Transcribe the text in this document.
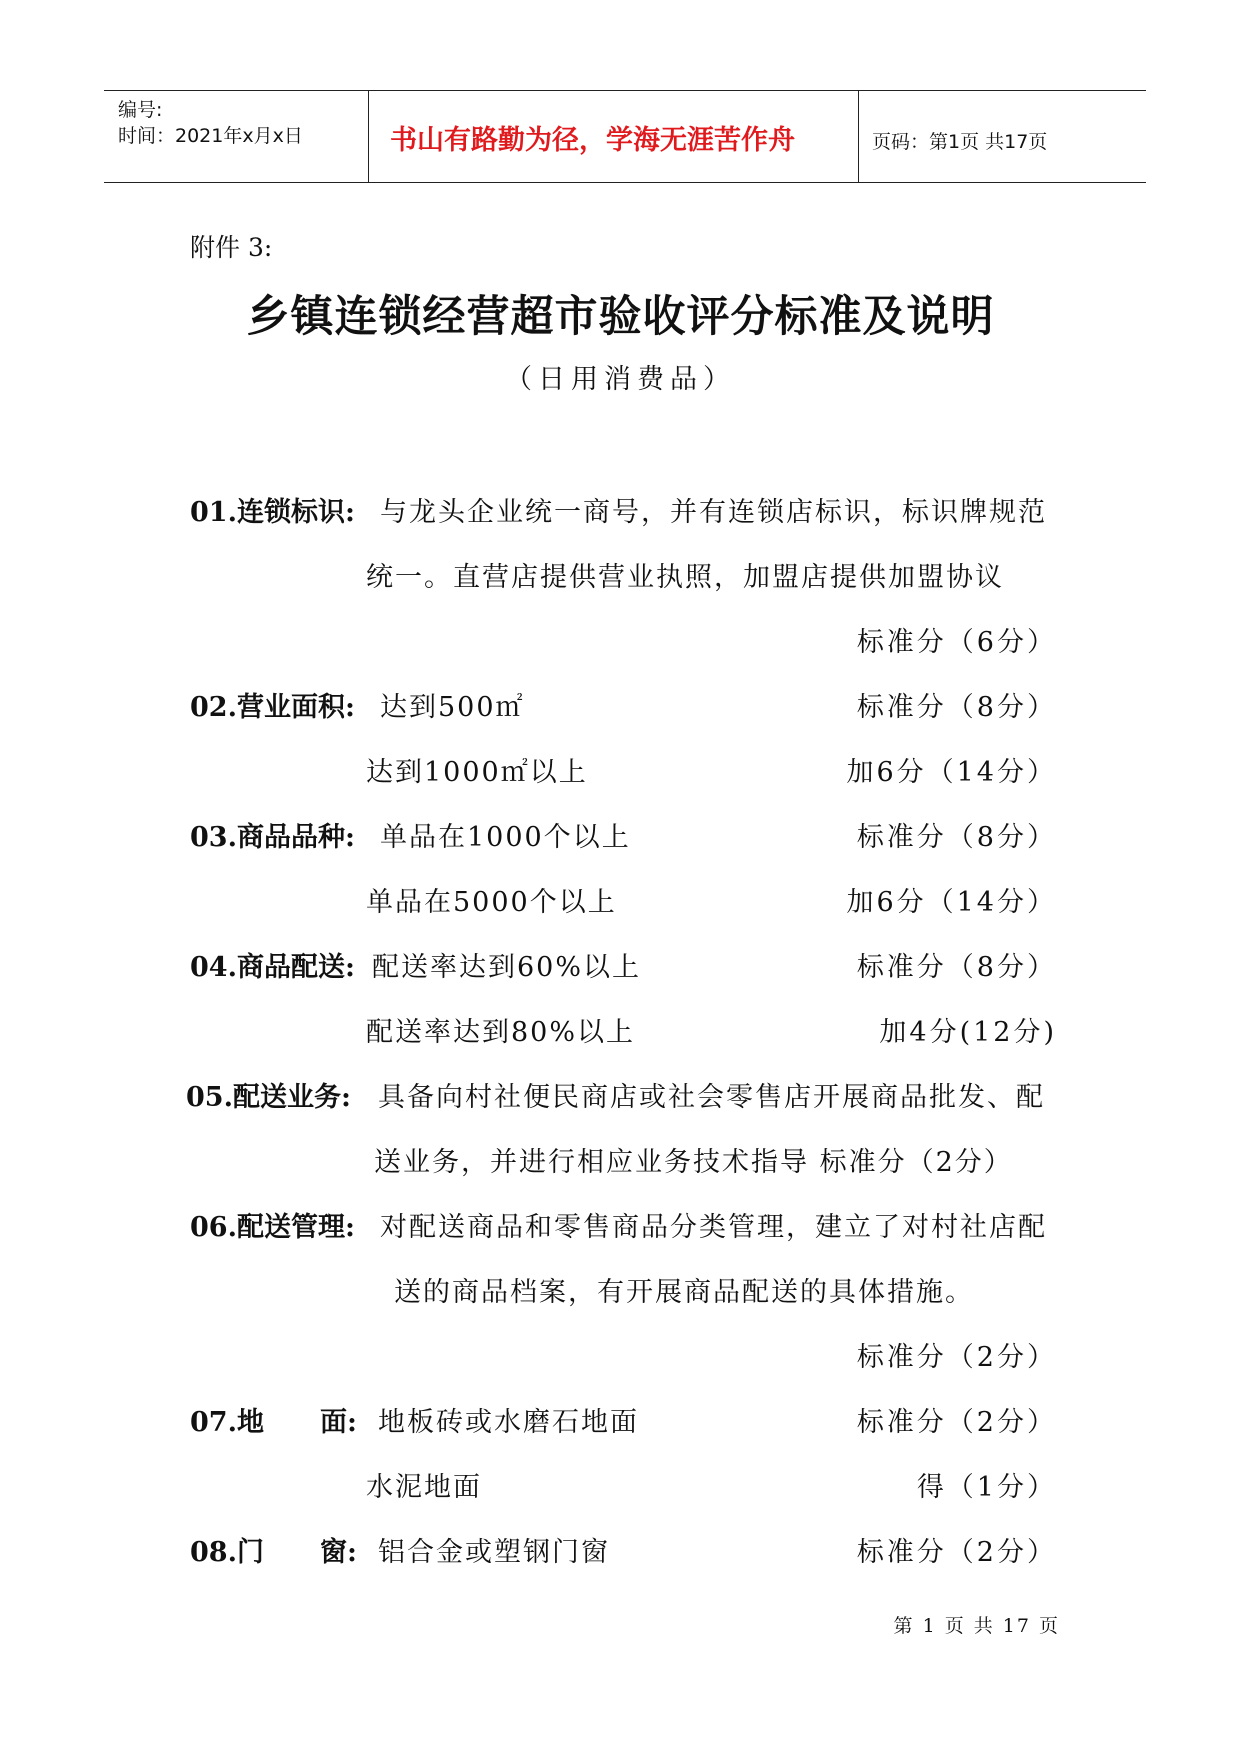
编号:
时间：2021年x月x日	书山有路勤为径，学海无涯苦作舟	页码：第1页 共17页
附件 3:
乡镇连锁经营超市验收评分标准及说明
（日用消费品）
01.连锁标识: 与龙头企业统一商号，并有连锁店标识，标识牌规范
统一。直营店提供营业执照，加盟店提供加盟协议
标准分（6分）
02.营业面积: 达到500㎡	标准分（8分）
达到1000㎡以上	加6分（14分）
03.商品品种: 单品在1000个以上	标准分（8分）
单品在5000个以上	加6分（14分）
04.商品配送: 配送率达到60%以上	标准分（8分）
配送率达到80%以上	加4分(12分)
05.配送业务: 具备向村社便民商店或社会零售店开展商品批发、配
送业务，并进行相应业务技术指导 标准分（2分）
06.配送管理: 对配送商品和零售商品分类管理，建立了对村社店配
送的商品档案，有开展商品配送的具体措施。
标准分（2分）
07.地 面: 地板砖或水磨石地面	标准分（2分）
水泥地面	得（1分）
08.门 窗: 铝合金或塑钢门窗	标准分（2分）
第 1 页 共 17 页
